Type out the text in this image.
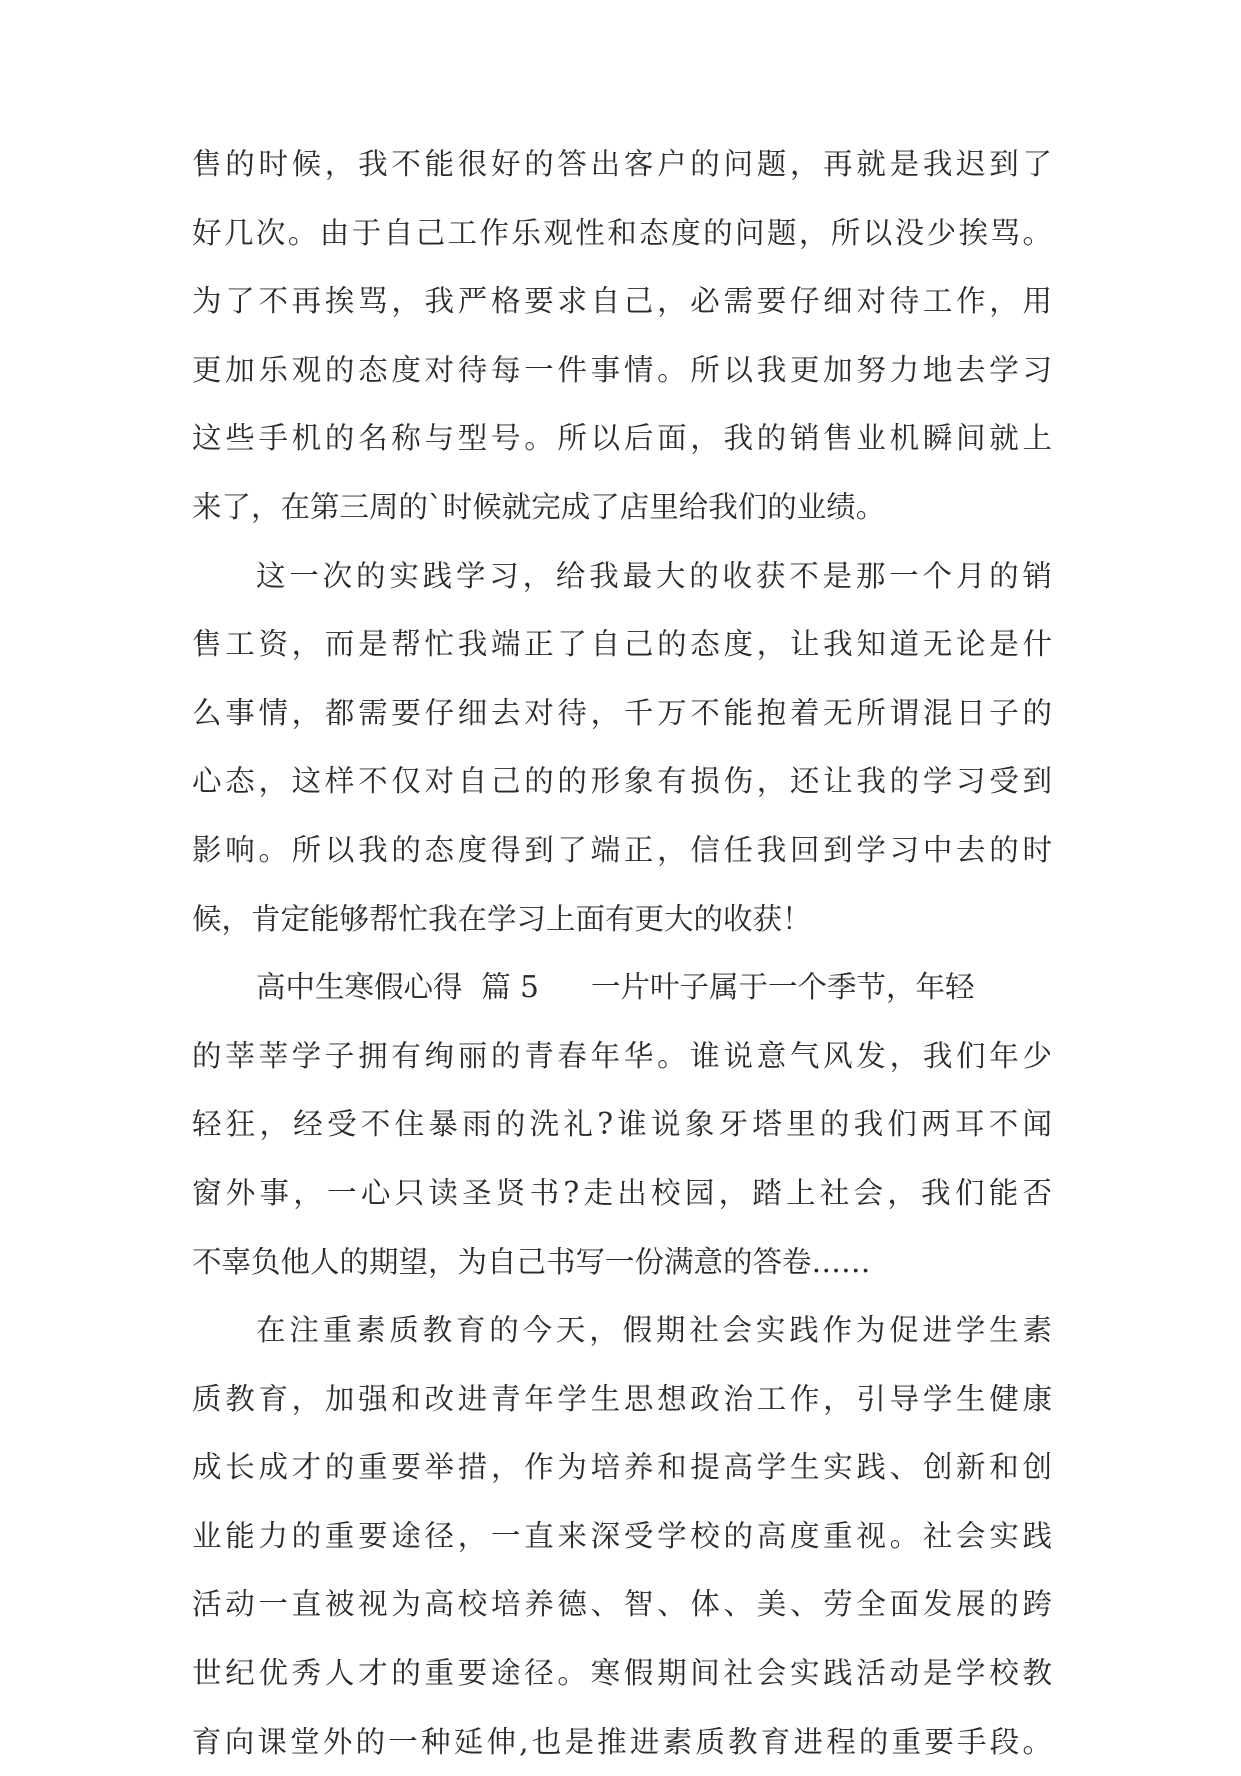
售的时候，我不能很好的答出客户的问题，再就是我迟到了
好几次。由于自己工作乐观性和态度的问题，所以没少挨骂。
为了不再挨骂，我严格要求自己，必需要仔细对待工作，用
更加乐观的态度对待每一件事情。所以我更加努力地去学习
这些手机的名称与型号。所以后面，我的销售业机瞬间就上
来了，在第三周的`时候就完成了店里给我们的业绩。
这一次的实践学习，给我最大的收获不是那一个月的销
售工资，而是帮忙我端正了自己的态度，让我知道无论是什
么事情，都需要仔细去对待，千万不能抱着无所谓混日子的
心态，这样不仅对自己的的形象有损伤，还让我的学习受到
影响。所以我的态度得到了端正，信任我回到学习中去的时
候，肯定能够帮忙我在学习上面有更大的收获！
高中生寒假心得 篇 5 一片叶子属于一个季节，年轻
的莘莘学子拥有绚丽的青春年华。谁说意气风发，我们年少
轻狂，经受不住暴雨的洗礼?谁说象牙塔里的我们两耳不闻
窗外事，一心只读圣贤书?走出校园，踏上社会，我们能否
不辜负他人的期望，为自己书写一份满意的答卷……
在注重素质教育的今天，假期社会实践作为促进学生素
质教育，加强和改进青年学生思想政治工作，引导学生健康
成长成才的重要举措，作为培养和提高学生实践、创新和创
业能力的重要途径，一直来深受学校的高度重视。社会实践
活动一直被视为高校培养德、智、体、美、劳全面发展的跨
世纪优秀人才的重要途径。寒假期间社会实践活动是学校教
育向课堂外的一种延伸,也是推进素质教育进程的重要手段。
